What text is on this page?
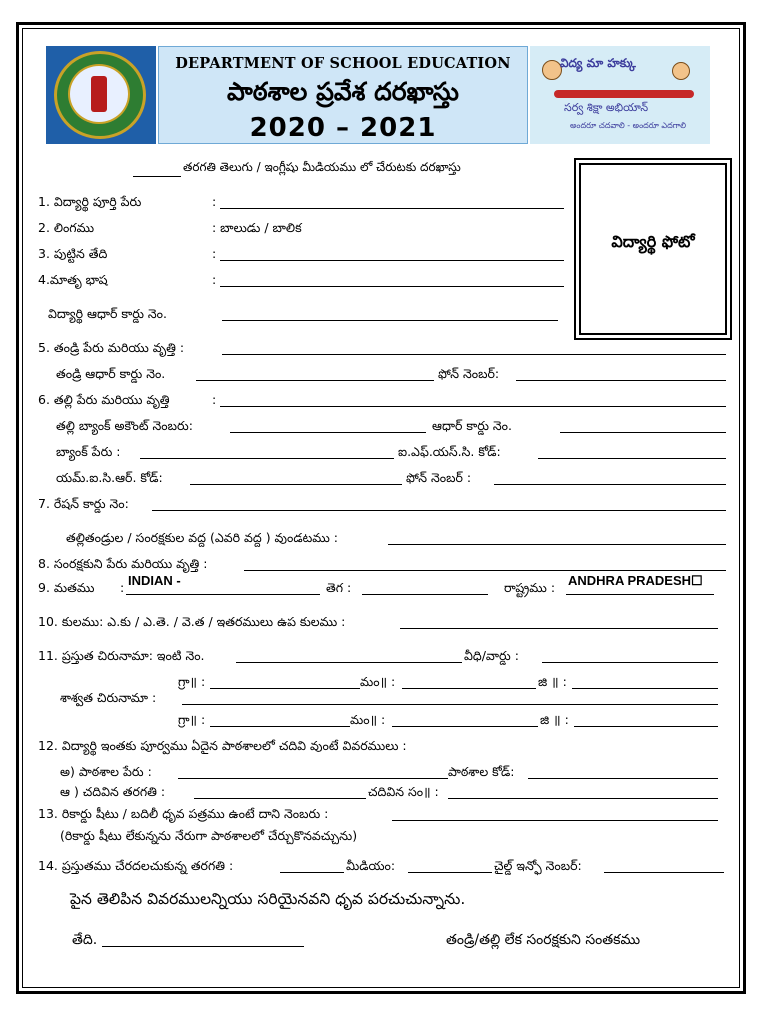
DEPARTMENT OF SCHOOL EDUCATION
పాఠశాల ప్రవేశ దరఖాస్తు
2020 – 2021
విద్య మా హక్కు
సర్వ శిక్షా అభియాన్
అందరూ చదవాలి - అందరూ ఎదగాలి
తరగతి తెలుగు / ఇంగ్లీషు మీడియము లో చేరుటకు దరఖాస్తు
విద్యార్థి ఫోటో
1. విద్యార్థి పూర్తి పేరు	:
2. లింగము	: బాలుడు / బాలిక
3. పుట్టిన తేది	:
4.మాతృ భాష	:
విద్యార్థి ఆధార్ కార్డు నెం.
5. తండ్రి పేరు మరియు వృత్తి :
తండ్రి ఆధార్ కార్డు నెం.	ఫోన్ నెంబర్:
6. తల్లి పేరు మరియు వృత్తి	:
తల్లి బ్యాంక్ అకౌంట్ నెంబరు:	ఆధార్ కార్డు నెం.
బ్యాంక్ పేరు :	ఐ.ఎఫ్.యస్.సి. కోడ్:
యమ్.ఐ.సి.ఆర్. కోడ్:	ఫోన్ నెంబర్ :
7. రేషన్ కార్డు నెం:
తల్లితండ్రుల / సంరక్షకుల వద్ద (ఎవరి వద్ద ) వుండటము :
8. సంరక్షకుని పేరు మరియు వృత్తి :
9. మతము : INDIAN -	తెగ :	రాష్ట్రము : ANDHRA PRADESH☐
10. కులము: ఎ.కు / ఎ.తె. / వె.త / ఇతరములు ఉప కులము :
11. ప్రస్తుత చిరునామా: ఇంటి నెం.	వీధి/వార్డు :
గ్రా॥ :	మం॥ :	జి ॥ :
శాశ్వత చిరునామా :
గ్రా॥ :	మం॥ :	జి ॥ :
12. విద్యార్థి ఇంతకు పూర్వము ఏదైన పాఠశాలలో చదివి వుంటే వివరములు :
అ) పాఠశాల పేరు :	పాఠశాల కోడ్:
ఆ ) చదివిన తరగతి :	చదివిన సం॥ :
13. రికార్డు షీటు / బదిలీ ధృవ పత్రము ఉంటే దాని నెంబరు :
(రికార్డు షీటు లేకున్నను నేరుగా పాఠశాలలో చేర్చుకొనవచ్చును)
14. ప్రస్తుతము చేరదలచుకున్న తరగతి :	మీడియం:	చైల్డ్ ఇన్ఫో నెంబర్:
పైన తెలిపిన వివరములన్నియు సరియైనవని ధృవ పరచుచున్నాను.
తేది.	తండ్రి/తల్లి లేక సంరక్షకుని సంతకము
